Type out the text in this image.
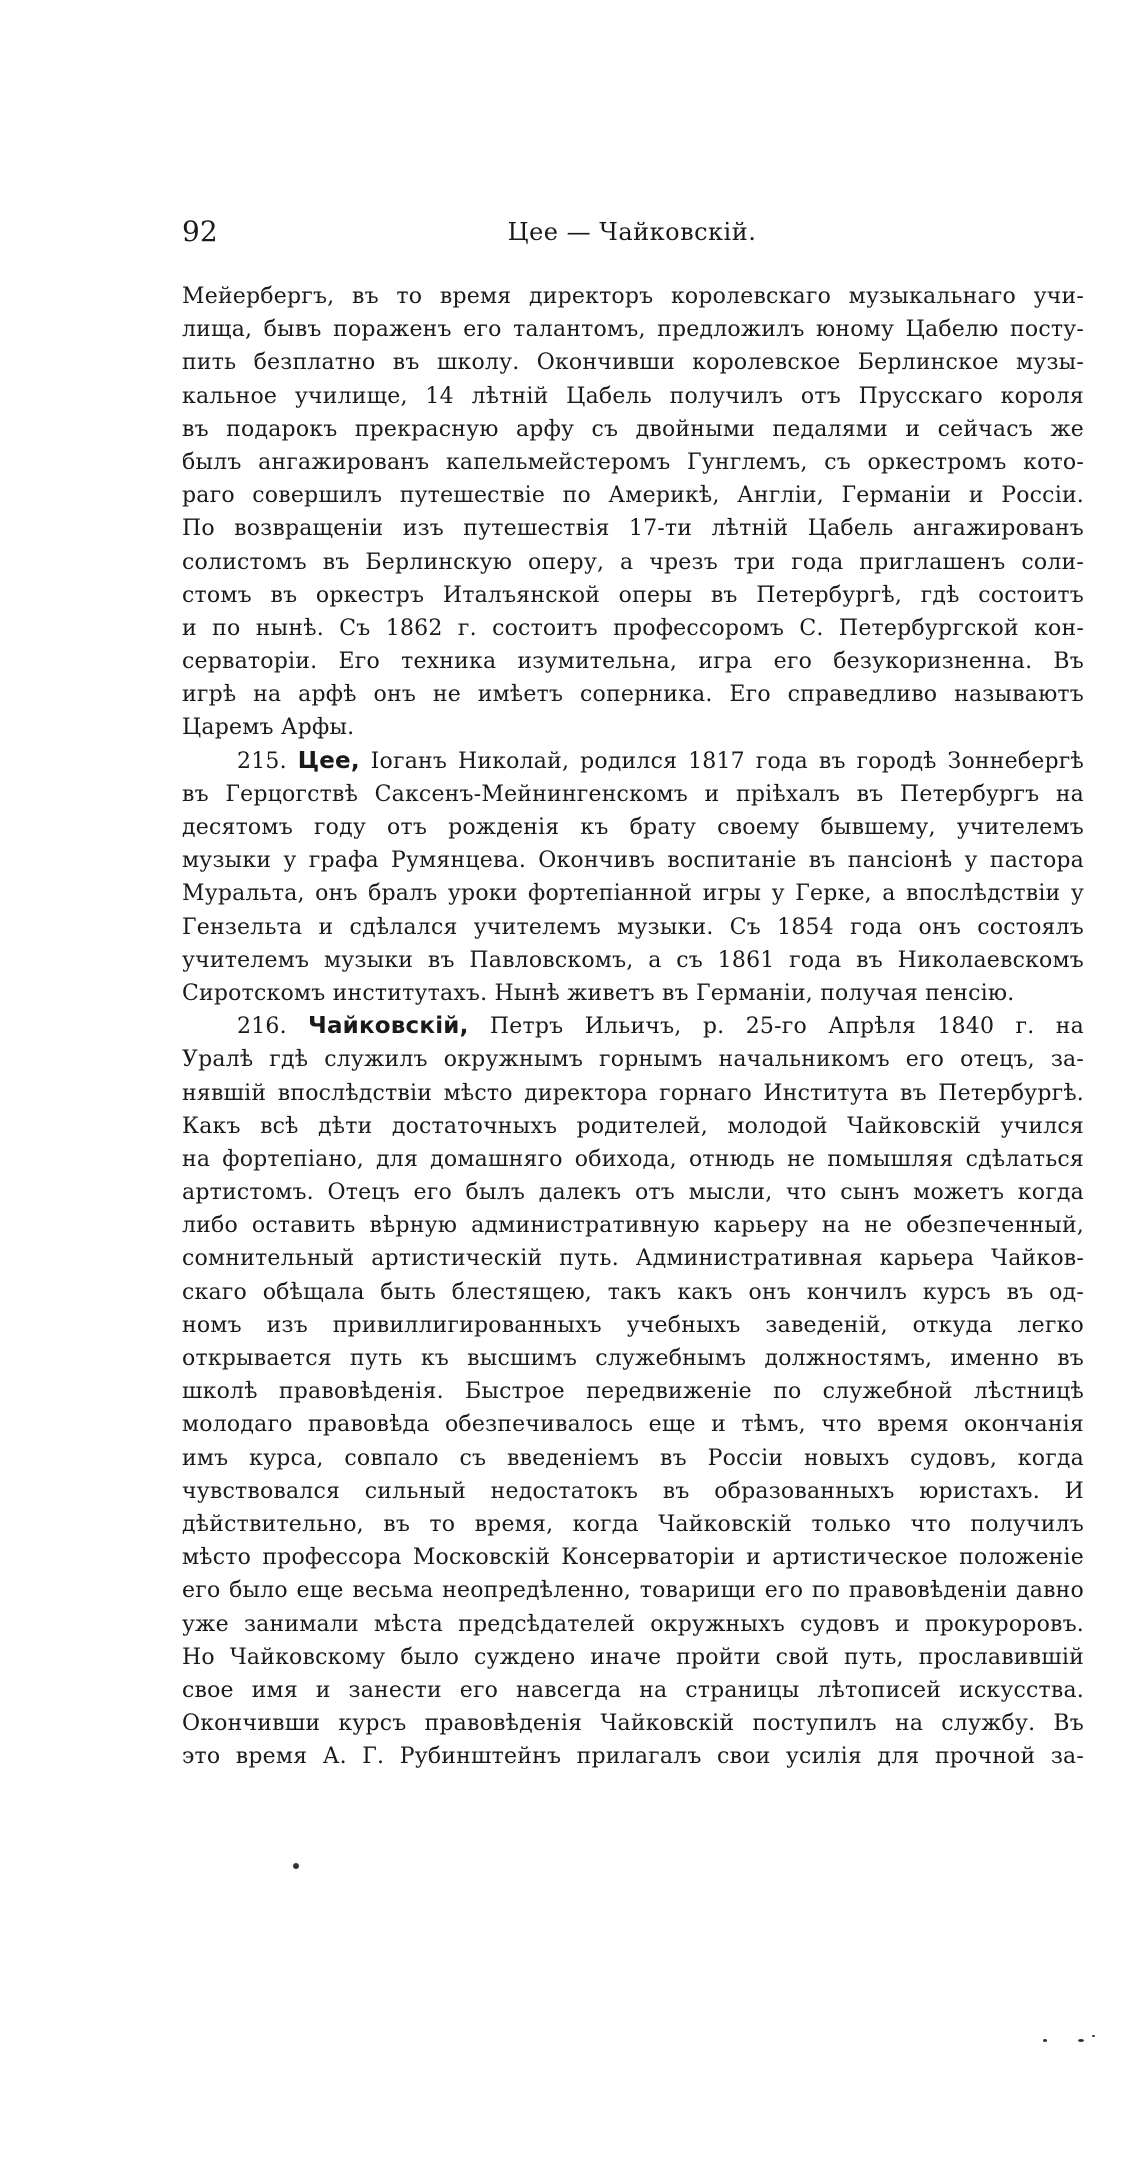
92	Цее — Чайковскій.
Мейербергъ, въ то время директоръ королевскаго музыкальнаго учи-
лища, бывъ пораженъ его талантомъ, предложилъ юному Цабелю посту-
пить безплатно въ школу. Окончивши королевское Берлинское музы-
кальное училище, 14 лѣтній Цабель получилъ отъ Прусскаго короля
въ подарокъ прекрасную арфу съ двойными педалями и сейчасъ же
былъ ангажированъ капельмейстеромъ Гунглемъ, съ оркестромъ кото-
раго совершилъ путешествіе по Америкѣ, Англіи, Германіи и Россіи.
По возвращеніи изъ путешествія 17-ти лѣтній Цабель ангажированъ
солистомъ въ Берлинскую оперу, а чрезъ три года приглашенъ соли-
стомъ въ оркестръ Италъянской оперы въ Петербургѣ, гдѣ состоитъ
и по нынѣ. Съ 1862 г. состоитъ профессоромъ С. Петербургской кон-
серваторіи. Его техника изумительна, игра его безукоризненна. Въ
игрѣ на арфѣ онъ не имѣетъ соперника. Его справедливо называютъ
Царемъ Арфы.
215. Цее, Іоганъ Николай, родился 1817 года въ городѣ Зоннебергѣ
въ Герцогствѣ Саксенъ-Мейнингенскомъ и пріѣхалъ въ Петербургъ на
десятомъ году отъ рожденія къ брату своему бывшему, учителемъ
музыки у графа Румянцева. Окончивъ воспитаніе въ пансіонѣ у пастора
Муральта, онъ бралъ уроки фортепіанной игры у Герке, а впослѣдствіи у
Гензельта и сдѣлался учителемъ музыки. Съ 1854 года онъ состоялъ
учителемъ музыки въ Павловскомъ, а съ 1861 года въ Николаевскомъ
Сиротскомъ институтахъ. Нынѣ живетъ въ Германіи, получая пенсію.
216. Чайковскій, Петръ Ильичъ, р. 25-го Апрѣля 1840 г. на
Уралѣ гдѣ служилъ окружнымъ горнымъ начальникомъ его отецъ, за-
нявшій впослѣдствіи мѣсто директора горнаго Института въ Петербургѣ.
Какъ всѣ дѣти достаточныхъ родителей, молодой Чайковскій учился
на фортепіано, для домашняго обихода, отнюдь не помышляя сдѣлаться
артистомъ. Отецъ его былъ далекъ отъ мысли, что сынъ можетъ когда
либо оставить вѣрную административную карьеру на не обезпеченный,
сомнительный артистическій путь. Административная карьера Чайков-
скаго обѣщала быть блестящею, такъ какъ онъ кончилъ курсъ въ од-
номъ изъ привиллигированныхъ учебныхъ заведеній, откуда легко
открывается путь къ высшимъ служебнымъ должностямъ, именно въ
школѣ правовѣденія. Быстрое передвиженіе по служебной лѣстницѣ
молодаго правовѣда обезпечивалось еще и тѣмъ, что время окончанія
имъ курса, совпало съ введеніемъ въ Россіи новыхъ судовъ, когда
чувствовался сильный недостатокъ въ образованныхъ юристахъ. И
дѣйствительно, въ то время, когда Чайковскій только что получилъ
мѣсто профессора Московскій Консерваторіи и артистическое положеніе
его было еще весьма неопредѣленно, товарищи его по правовѣденіи давно
уже занимали мѣста предсѣдателей окружныхъ судовъ и прокуроровъ.
Но Чайковскому было суждено иначе пройти свой путь, прославившій
свое имя и занести его навсегда на страницы лѣтописей искусства.
Окончивши курсъ правовѣденія Чайковскій поступилъ на службу. Въ
это время А. Г. Рубинштейнъ прилагалъ свои усилія для прочной за-
